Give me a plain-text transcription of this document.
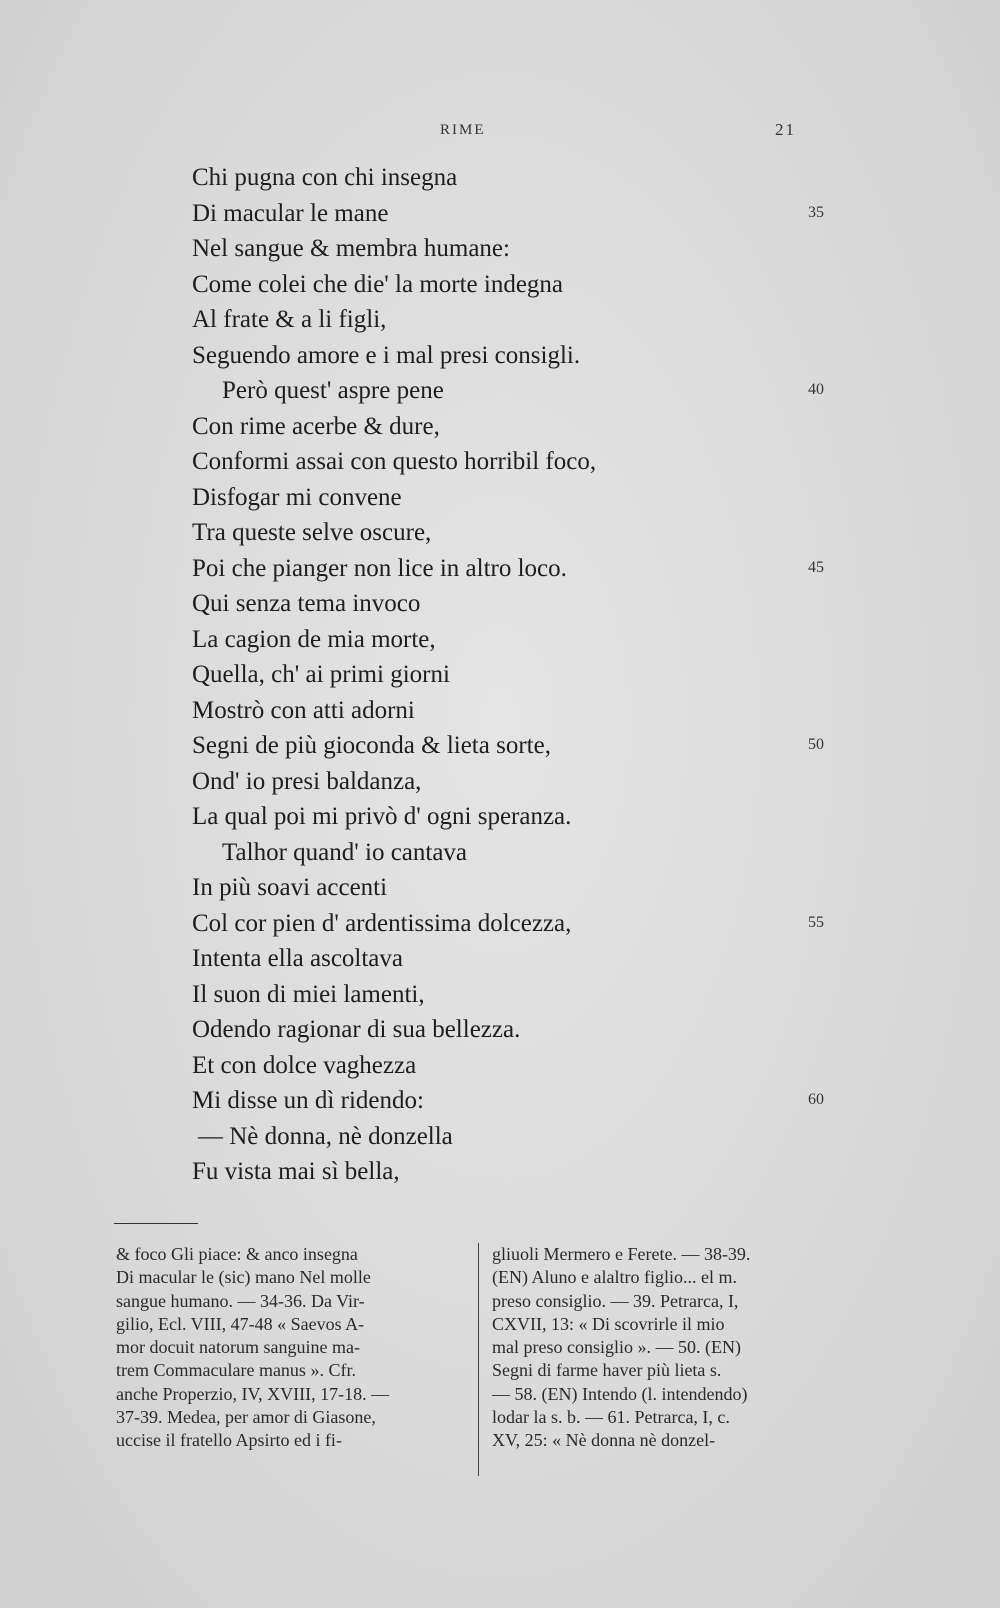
RIME	21
Chi pugna con chi insegna
Di macular le mane
Nel sangue & membra humane:
Come colei che die' la morte indegna
Al frate & a li figli,
Seguendo amore e i mal presi consigli.
Però quest' aspre pene
Con rime acerbe & dure,
Conformi assai con questo horribil foco,
Disfogar mi convene
Tra queste selve oscure,
Poi che pianger non lice in altro loco.
Qui senza tema invoco
La cagion de mia morte,
Quella, ch' ai primi giorni
Mostrò con atti adorni
Segni de più gioconda & lieta sorte,
Ond' io presi baldanza,
La qual poi mi privò d' ogni speranza.
Talhor quand' io cantava
In più soavi accenti
Col cor pien d' ardentissima dolcezza,
Intenta ella ascoltava
Il suon di miei lamenti,
Odendo ragionar di sua bellezza.
Et con dolce vaghezza
Mi disse un dì ridendo:
— Nè donna, nè donzella
Fu vista mai sì bella,
& foco Gli piace: & anco insegna
Di macular le (sic) mano Nel molle
sangue humano. — 34-36. Da Vir-
gilio, Ecl. VIII, 47-48 « Saevos A-
mor docuit natorum sanguine ma-
trem Commaculare manus ». Cfr.
anche Properzio, IV, XVIII, 17-18. —
37-39. Medea, per amor di Giasone,
uccise il fratello Apsirto ed i fi-
gliuoli Mermero e Ferete. — 38-39.
(EN) Aluno e alaltro figlio... el m.
preso consiglio. — 39. Petrarca, I,
CXVII, 13: « Di scovrirle il mio
mal preso consiglio ». — 50. (EN)
Segni di farme haver più lieta s.
— 58. (EN) Intendo (l. intendendo)
lodar la s. b. — 61. Petrarca, I, c.
XV, 25: « Nè donna nè donzel-
35
40
45
50
55
60
